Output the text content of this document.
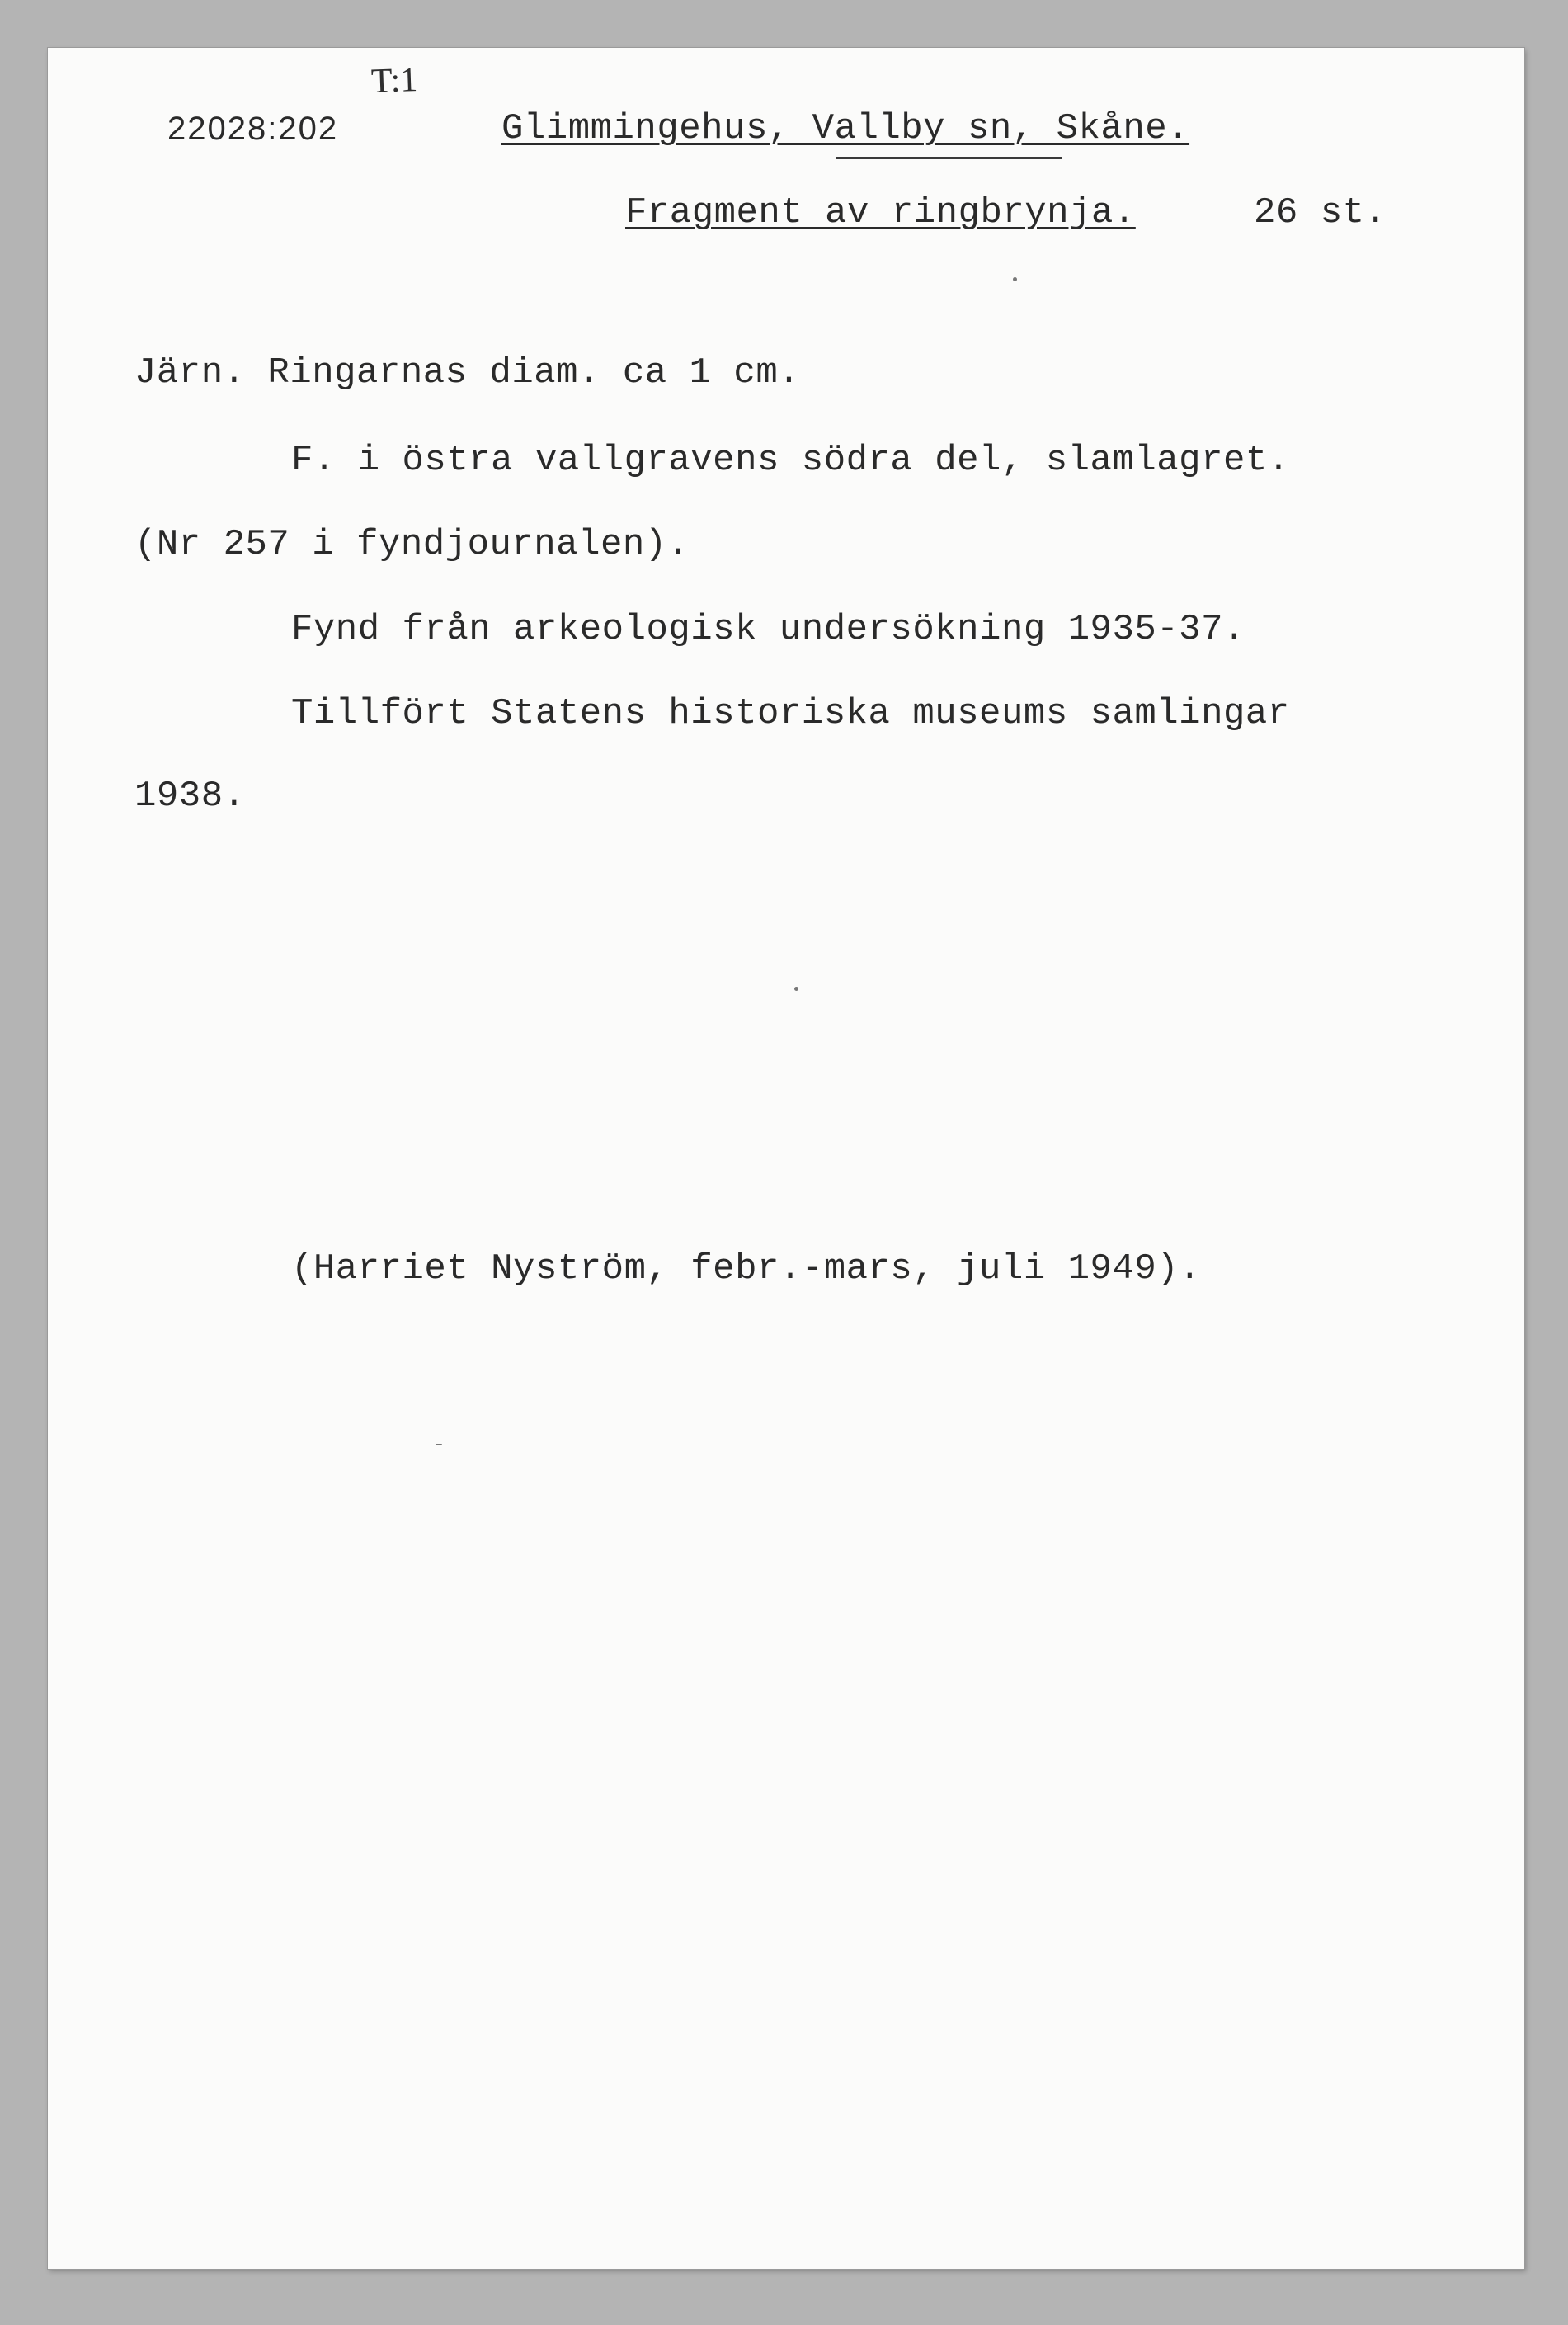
T:1
22028:202	Glimmingehus, Vallby sn, Skåne.
Fragment av ringbrynja.	26 st.
Järn. Ringarnas diam. ca 1 cm.
F. i östra vallgravens södra del, slamlagret.
(Nr 257 i fyndjournalen).
Fynd från arkeologisk undersökning 1935-37.
Tillfört Statens historiska museums samlingar
1938.
(Harriet Nyström, febr.-mars, juli 1949).
